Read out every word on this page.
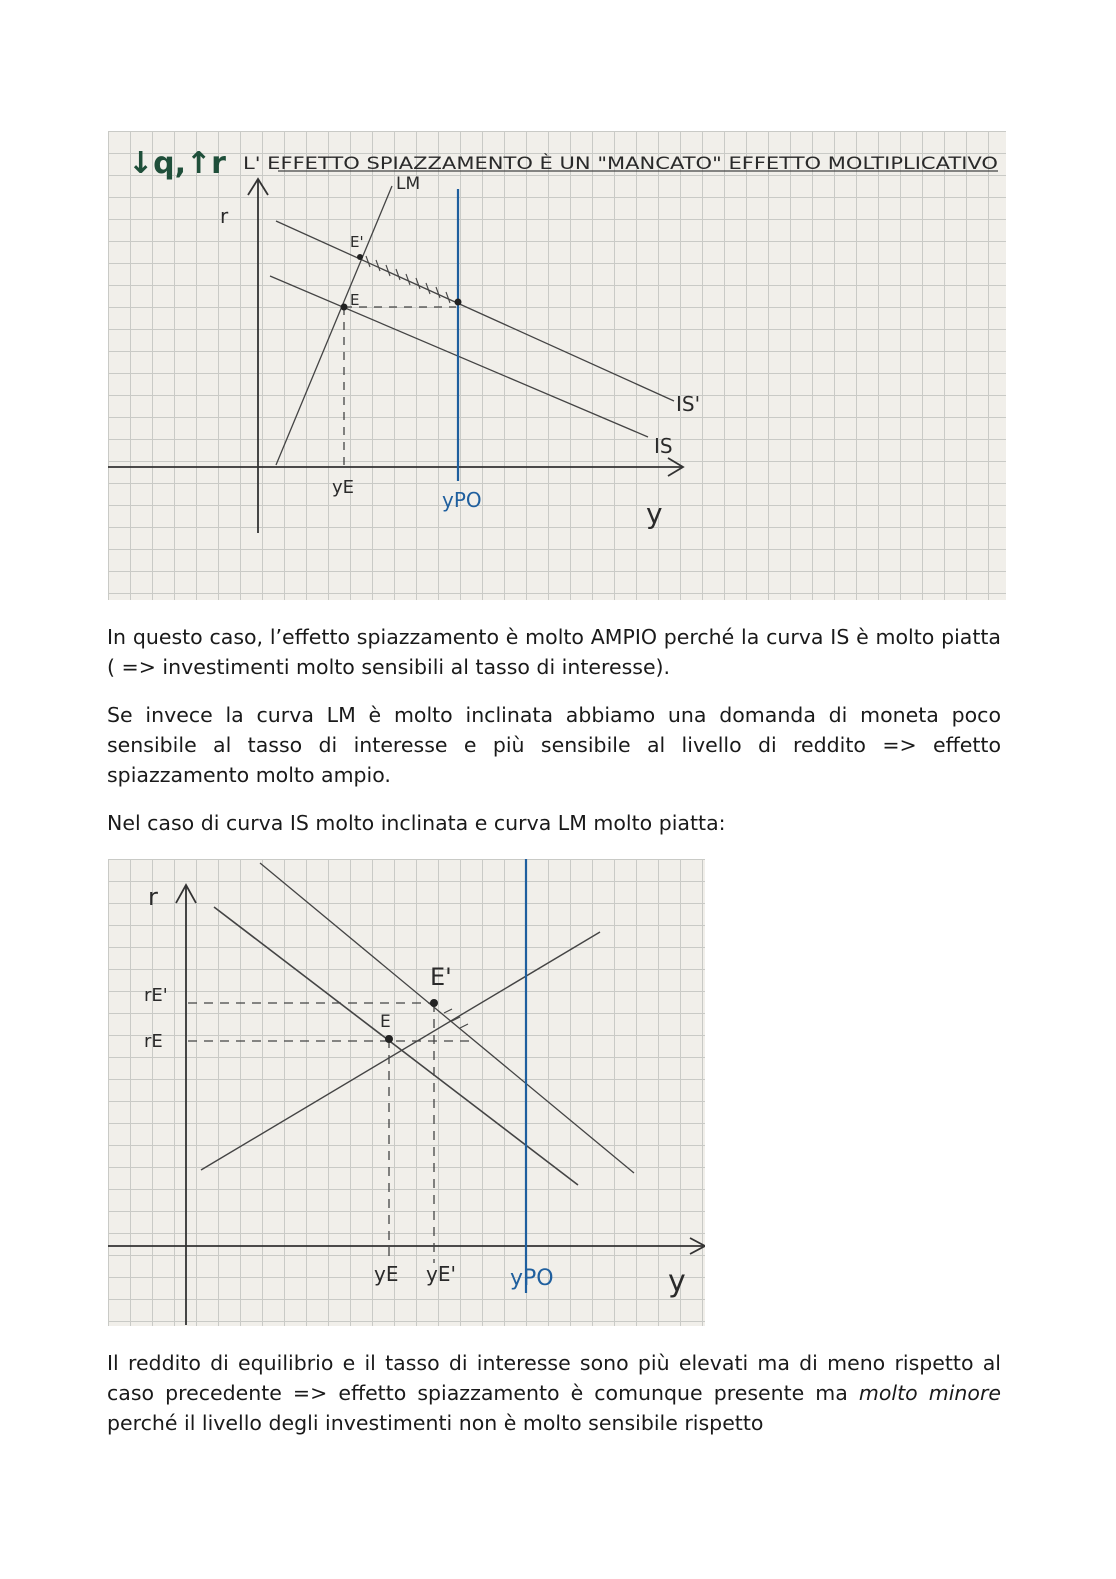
↓q,↑r L' EFFETTO SPIAZZAMENTO È UN "MANCATO" EFFETTO MOLTIPLICATIVO
r
y
LM
IS'
IS
yPO
E
E'
yE

In questo caso, l’effetto spiazzamento è molto AMPIO perché la curva IS è molto piatta ( => investimenti molto sensibili al tasso di interesse).

Se invece la curva LM è molto inclinata abbiamo una domanda di moneta poco sensibile al tasso di interesse e più sensibile al livello di reddito => effetto spiazzamento molto ampio.

Nel caso di curva IS molto inclinata e curva LM molto piatta:

r
y
yPO
E
E'
rE'
rE
yE yE'

Il reddito di equilibrio e il tasso di interesse sono più elevati ma di meno rispetto al caso precedente => effetto spiazzamento è comunque presente ma molto minore perché il livello degli investimenti non è molto sensibile rispetto
